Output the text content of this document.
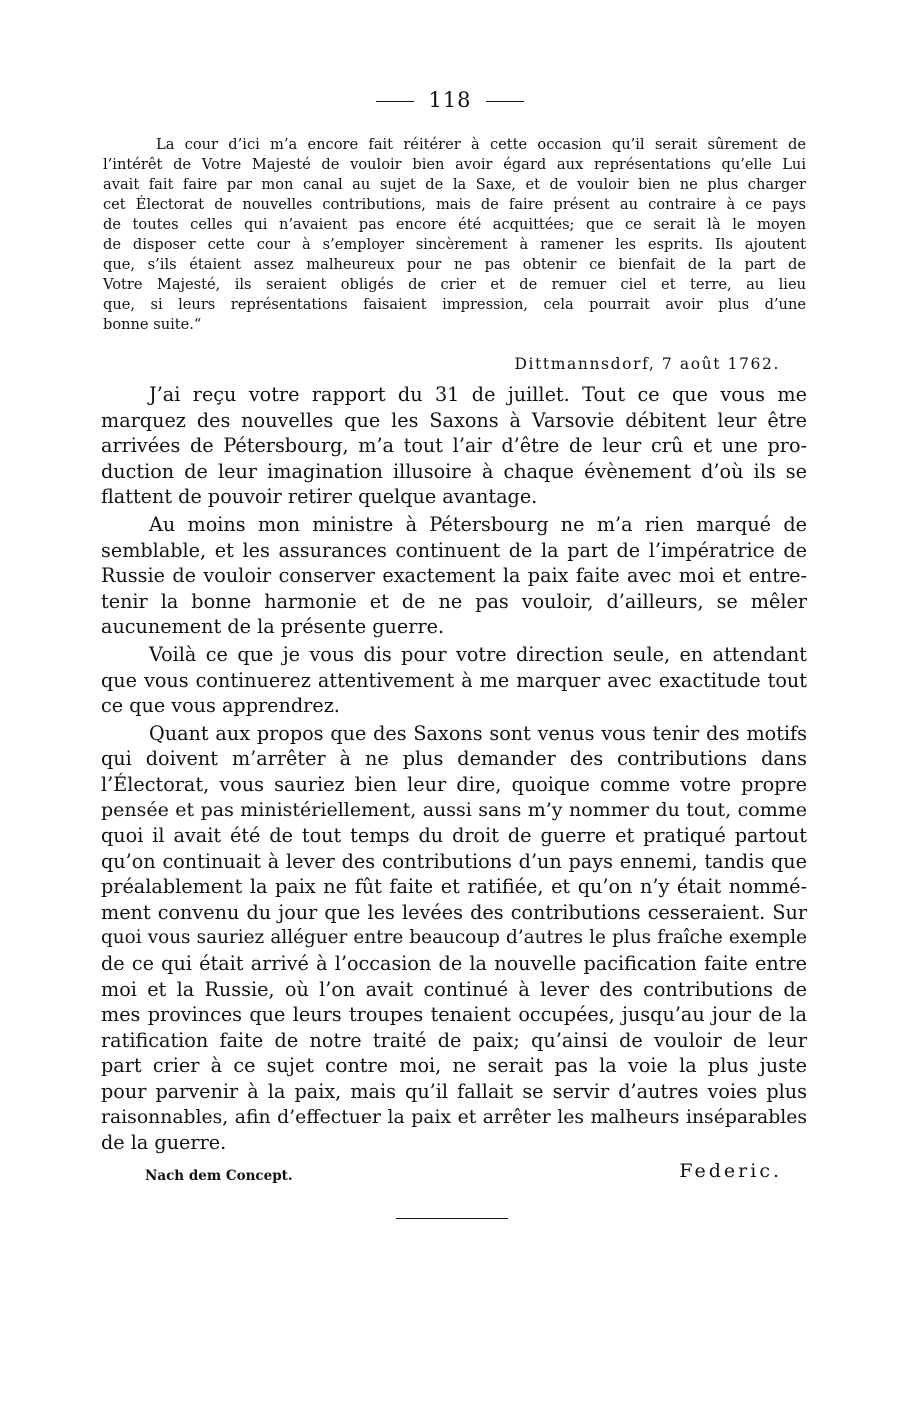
118
La cour d’ici m’a encore fait réitérer à cette occasion qu’il serait sûrement de
l’intérêt de Votre Majesté de vouloir bien avoir égard aux représentations qu’elle Lui
avait fait faire par mon canal au sujet de la Saxe, et de vouloir bien ne plus charger
cet Électorat de nouvelles contributions, mais de faire présent au contraire à ce pays
de toutes celles qui n’avaient pas encore été acquittées; que ce serait là le moyen
de disposer cette cour à s’employer sincèrement à ramener les esprits. Ils ajoutent
que, s’ils étaient assez malheureux pour ne pas obtenir ce bienfait de la part de
Votre Majesté, ils seraient obligés de crier et de remuer ciel et terre, au lieu
que, si leurs représentations faisaient impression, cela pourrait avoir plus d’une
bonne suite.“
Dittmannsdorf, 7 août 1762.
J’ai reçu votre rapport du 31 de juillet. Tout ce que vous me
marquez des nouvelles que les Saxons à Varsovie débitent leur être
arrivées de Pétersbourg, m’a tout l’air d’être de leur crû et une pro-
duction de leur imagination illusoire à chaque évènement d’où ils se
flattent de pouvoir retirer quelque avantage.
Au moins mon ministre à Pétersbourg ne m’a rien marqué de
semblable, et les assurances continuent de la part de l’impératrice de
Russie de vouloir conserver exactement la paix faite avec moi et entre-
tenir la bonne harmonie et de ne pas vouloir, d’ailleurs, se mêler
aucunement de la présente guerre.
Voilà ce que je vous dis pour votre direction seule, en attendant
que vous continuerez attentivement à me marquer avec exactitude tout
ce que vous apprendrez.
Quant aux propos que des Saxons sont venus vous tenir des motifs
qui doivent m’arrêter à ne plus demander des contributions dans
l’Électorat, vous sauriez bien leur dire, quoique comme votre propre
pensée et pas ministériellement, aussi sans m’y nommer du tout, comme
quoi il avait été de tout temps du droit de guerre et pratiqué partout
qu’on continuait à lever des contributions d’un pays ennemi, tandis que
préalablement la paix ne fût faite et ratifiée, et qu’on n’y était nommé-
ment convenu du jour que les levées des contributions cesseraient. Sur
quoi vous sauriez alléguer entre beaucoup d’autres le plus fraîche exemple
de ce qui était arrivé à l’occasion de la nouvelle pacification faite entre
moi et la Russie, où l’on avait continué à lever des contributions de
mes provinces que leurs troupes tenaient occupées, jusqu’au jour de la
ratification faite de notre traité de paix; qu’ainsi de vouloir de leur
part crier à ce sujet contre moi, ne serait pas la voie la plus juste
pour parvenir à la paix, mais qu’il fallait se servir d’autres voies plus
raisonnables, afin d’effectuer la paix et arrêter les malheurs inséparables
de la guerre.
Nach dem Concept.	Federic.
